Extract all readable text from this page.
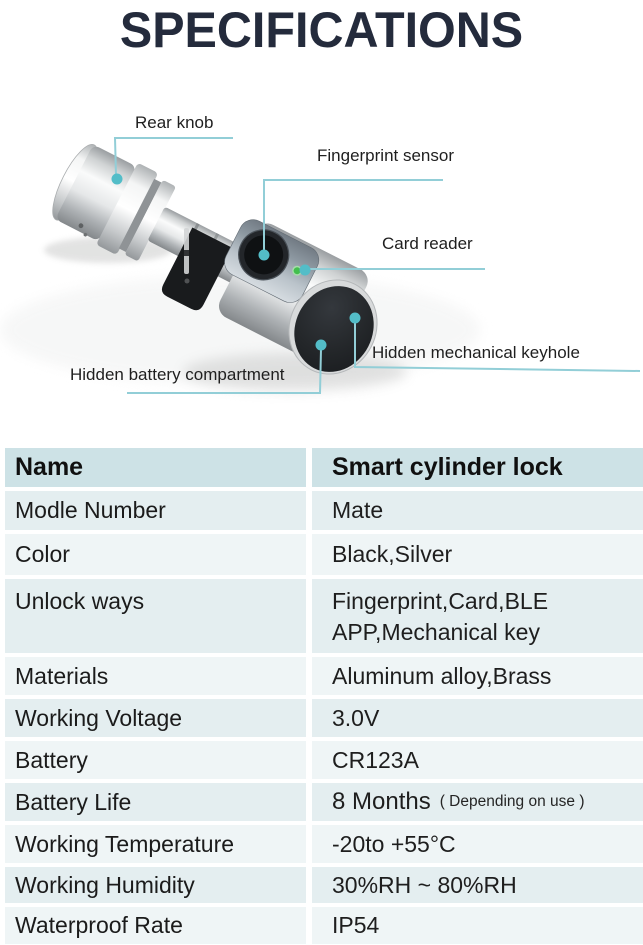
SPECIFICATIONS
Rear knob
Fingerprint sensor
Card reader
Hidden mechanical keyhole
Hidden battery compartment
Name	Smart cylinder lock
Modle Number	Mate
Color	Black,Silver
Unlock ways	Fingerprint,Card,BLE APP,Mechanical key
Materials	Aluminum alloy,Brass
Working Voltage	3.0V
Battery	CR123A
Battery Life	8 Months ( Depending on use )
Working Temperature	-20to +55°C
Working Humidity	30%RH ~ 80%RH
Waterproof Rate	IP54
